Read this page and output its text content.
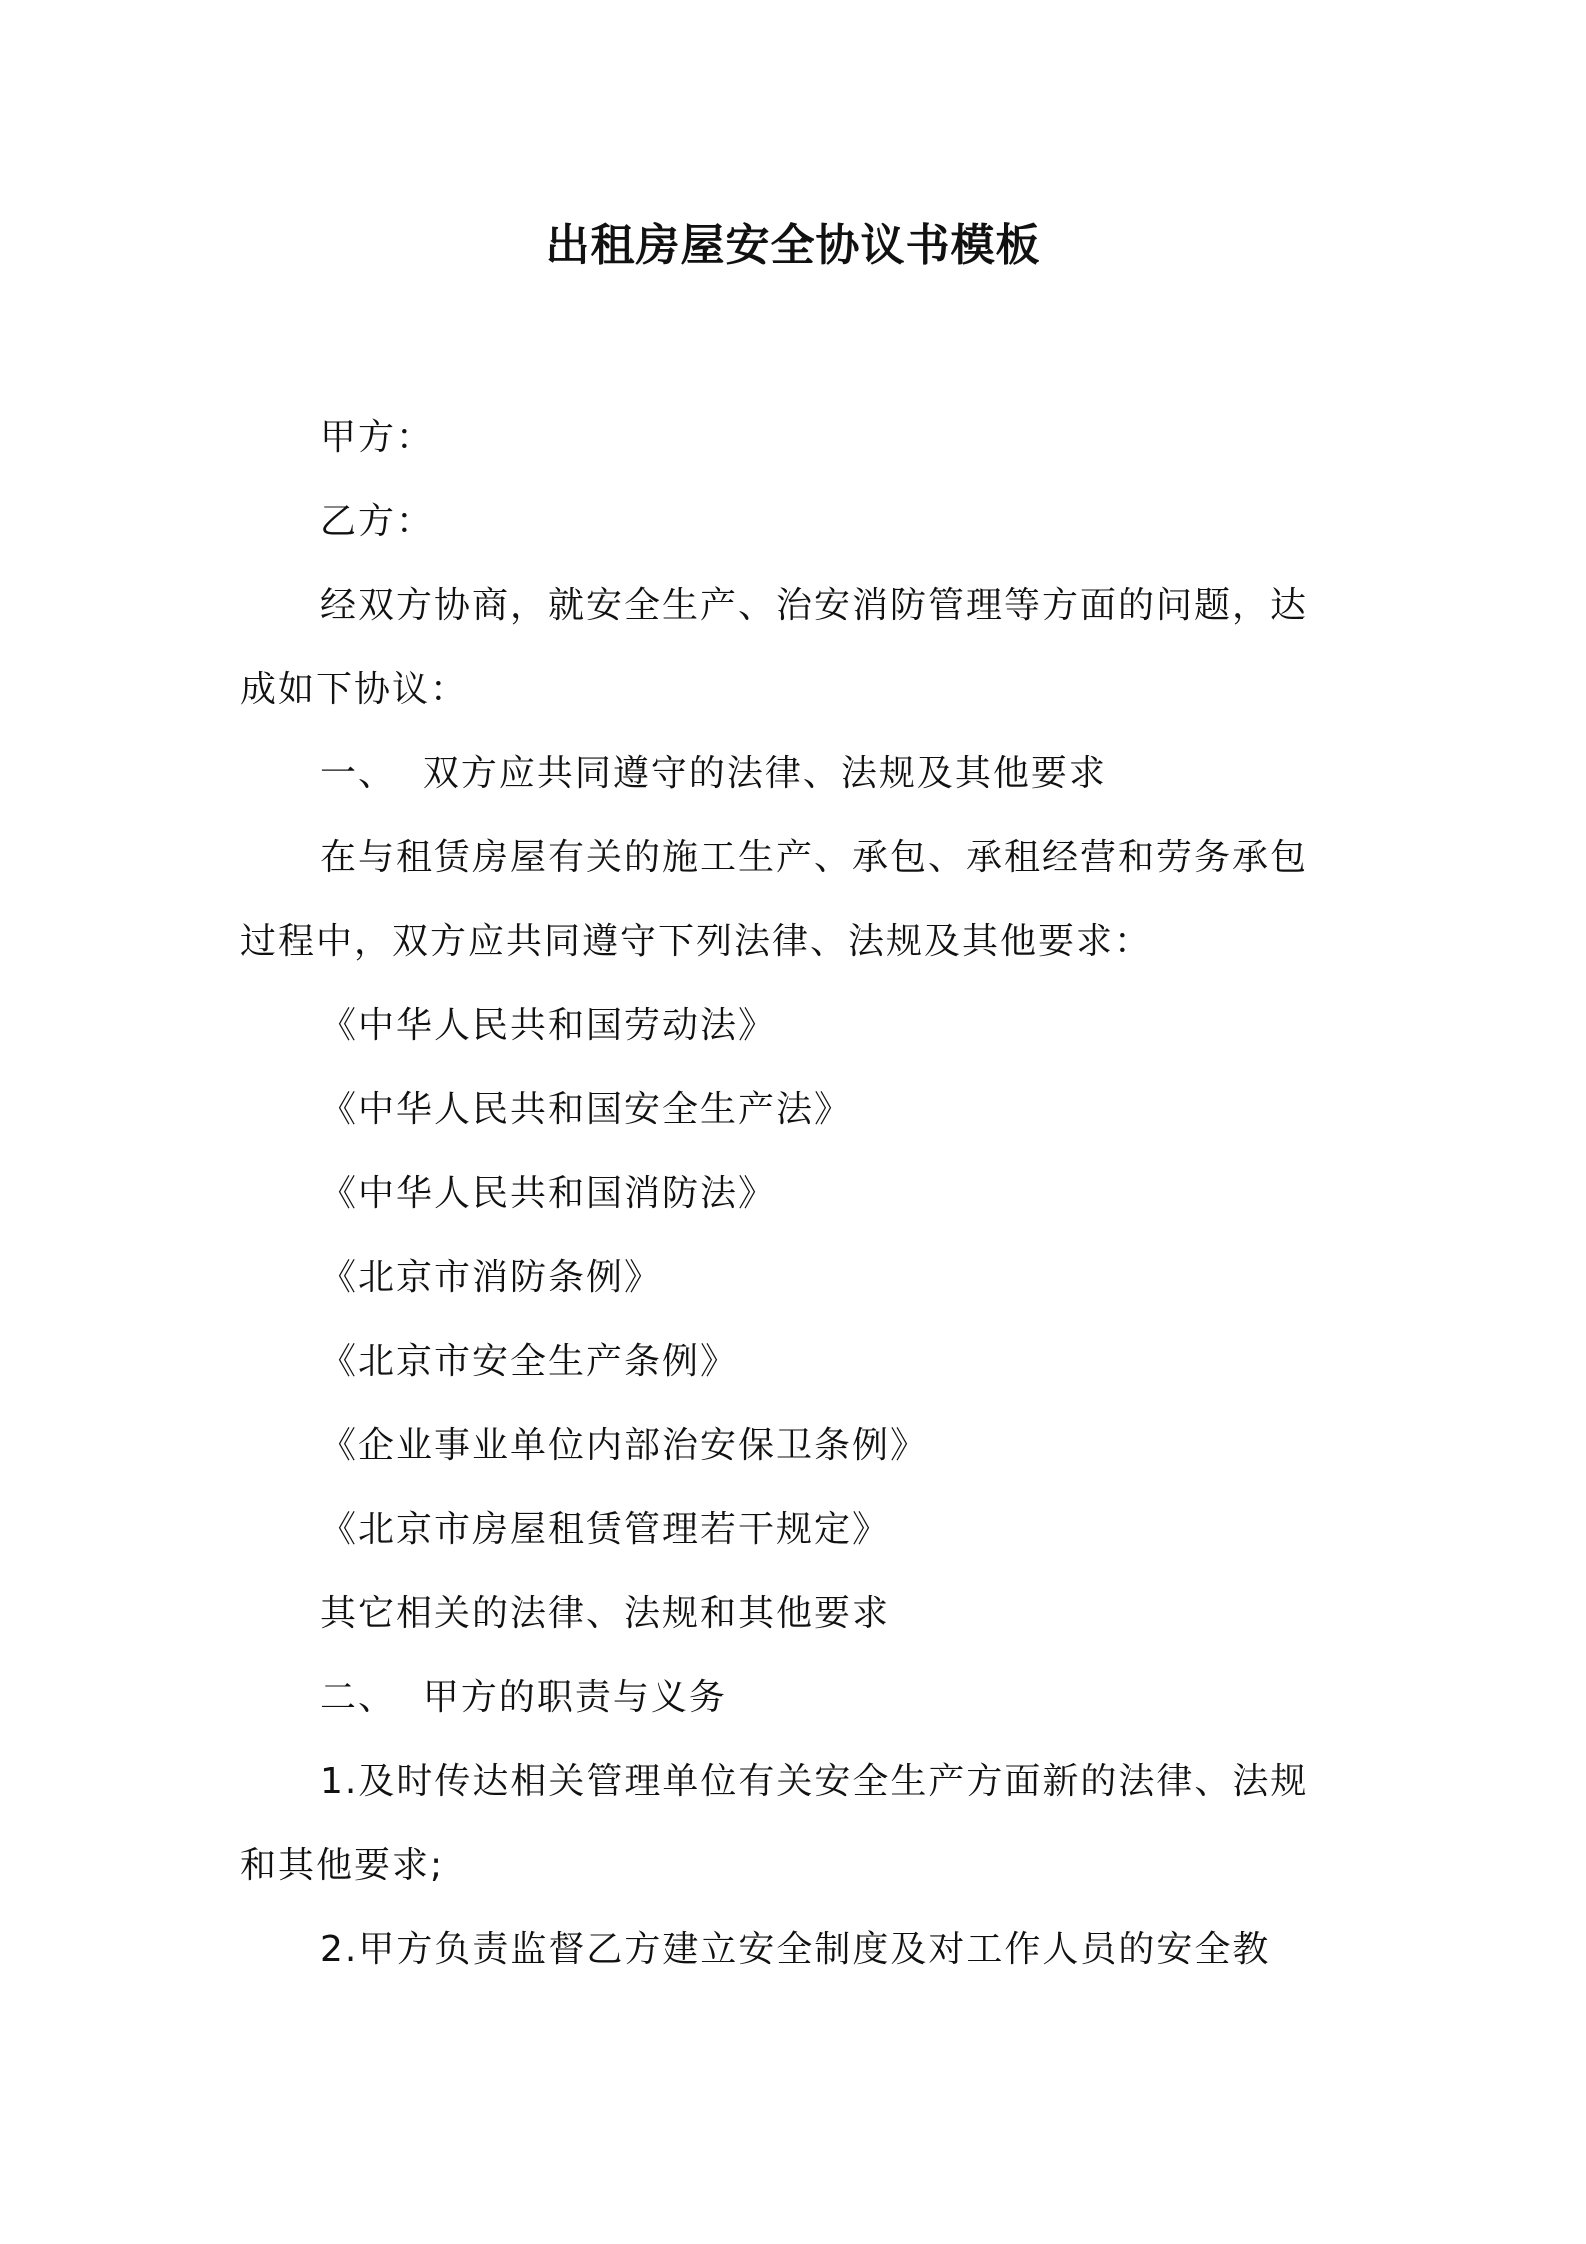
出租房屋安全协议书模板
甲方：
乙方：
经双方协商，就安全生产、治安消防管理等方面的问题，达
成如下协议：
一、  双方应共同遵守的法律、法规及其他要求
在与租赁房屋有关的施工生产、承包、承租经营和劳务承包
过程中，双方应共同遵守下列法律、法规及其他要求：
《中华人民共和国劳动法》
《中华人民共和国安全生产法》
《中华人民共和国消防法》
《北京市消防条例》
《北京市安全生产条例》
《企业事业单位内部治安保卫条例》
《北京市房屋租赁管理若干规定》
其它相关的法律、法规和其他要求
二、  甲方的职责与义务
1.及时传达相关管理单位有关安全生产方面新的法律、法规
和其他要求;
2.甲方负责监督乙方建立安全制度及对工作人员的安全教
